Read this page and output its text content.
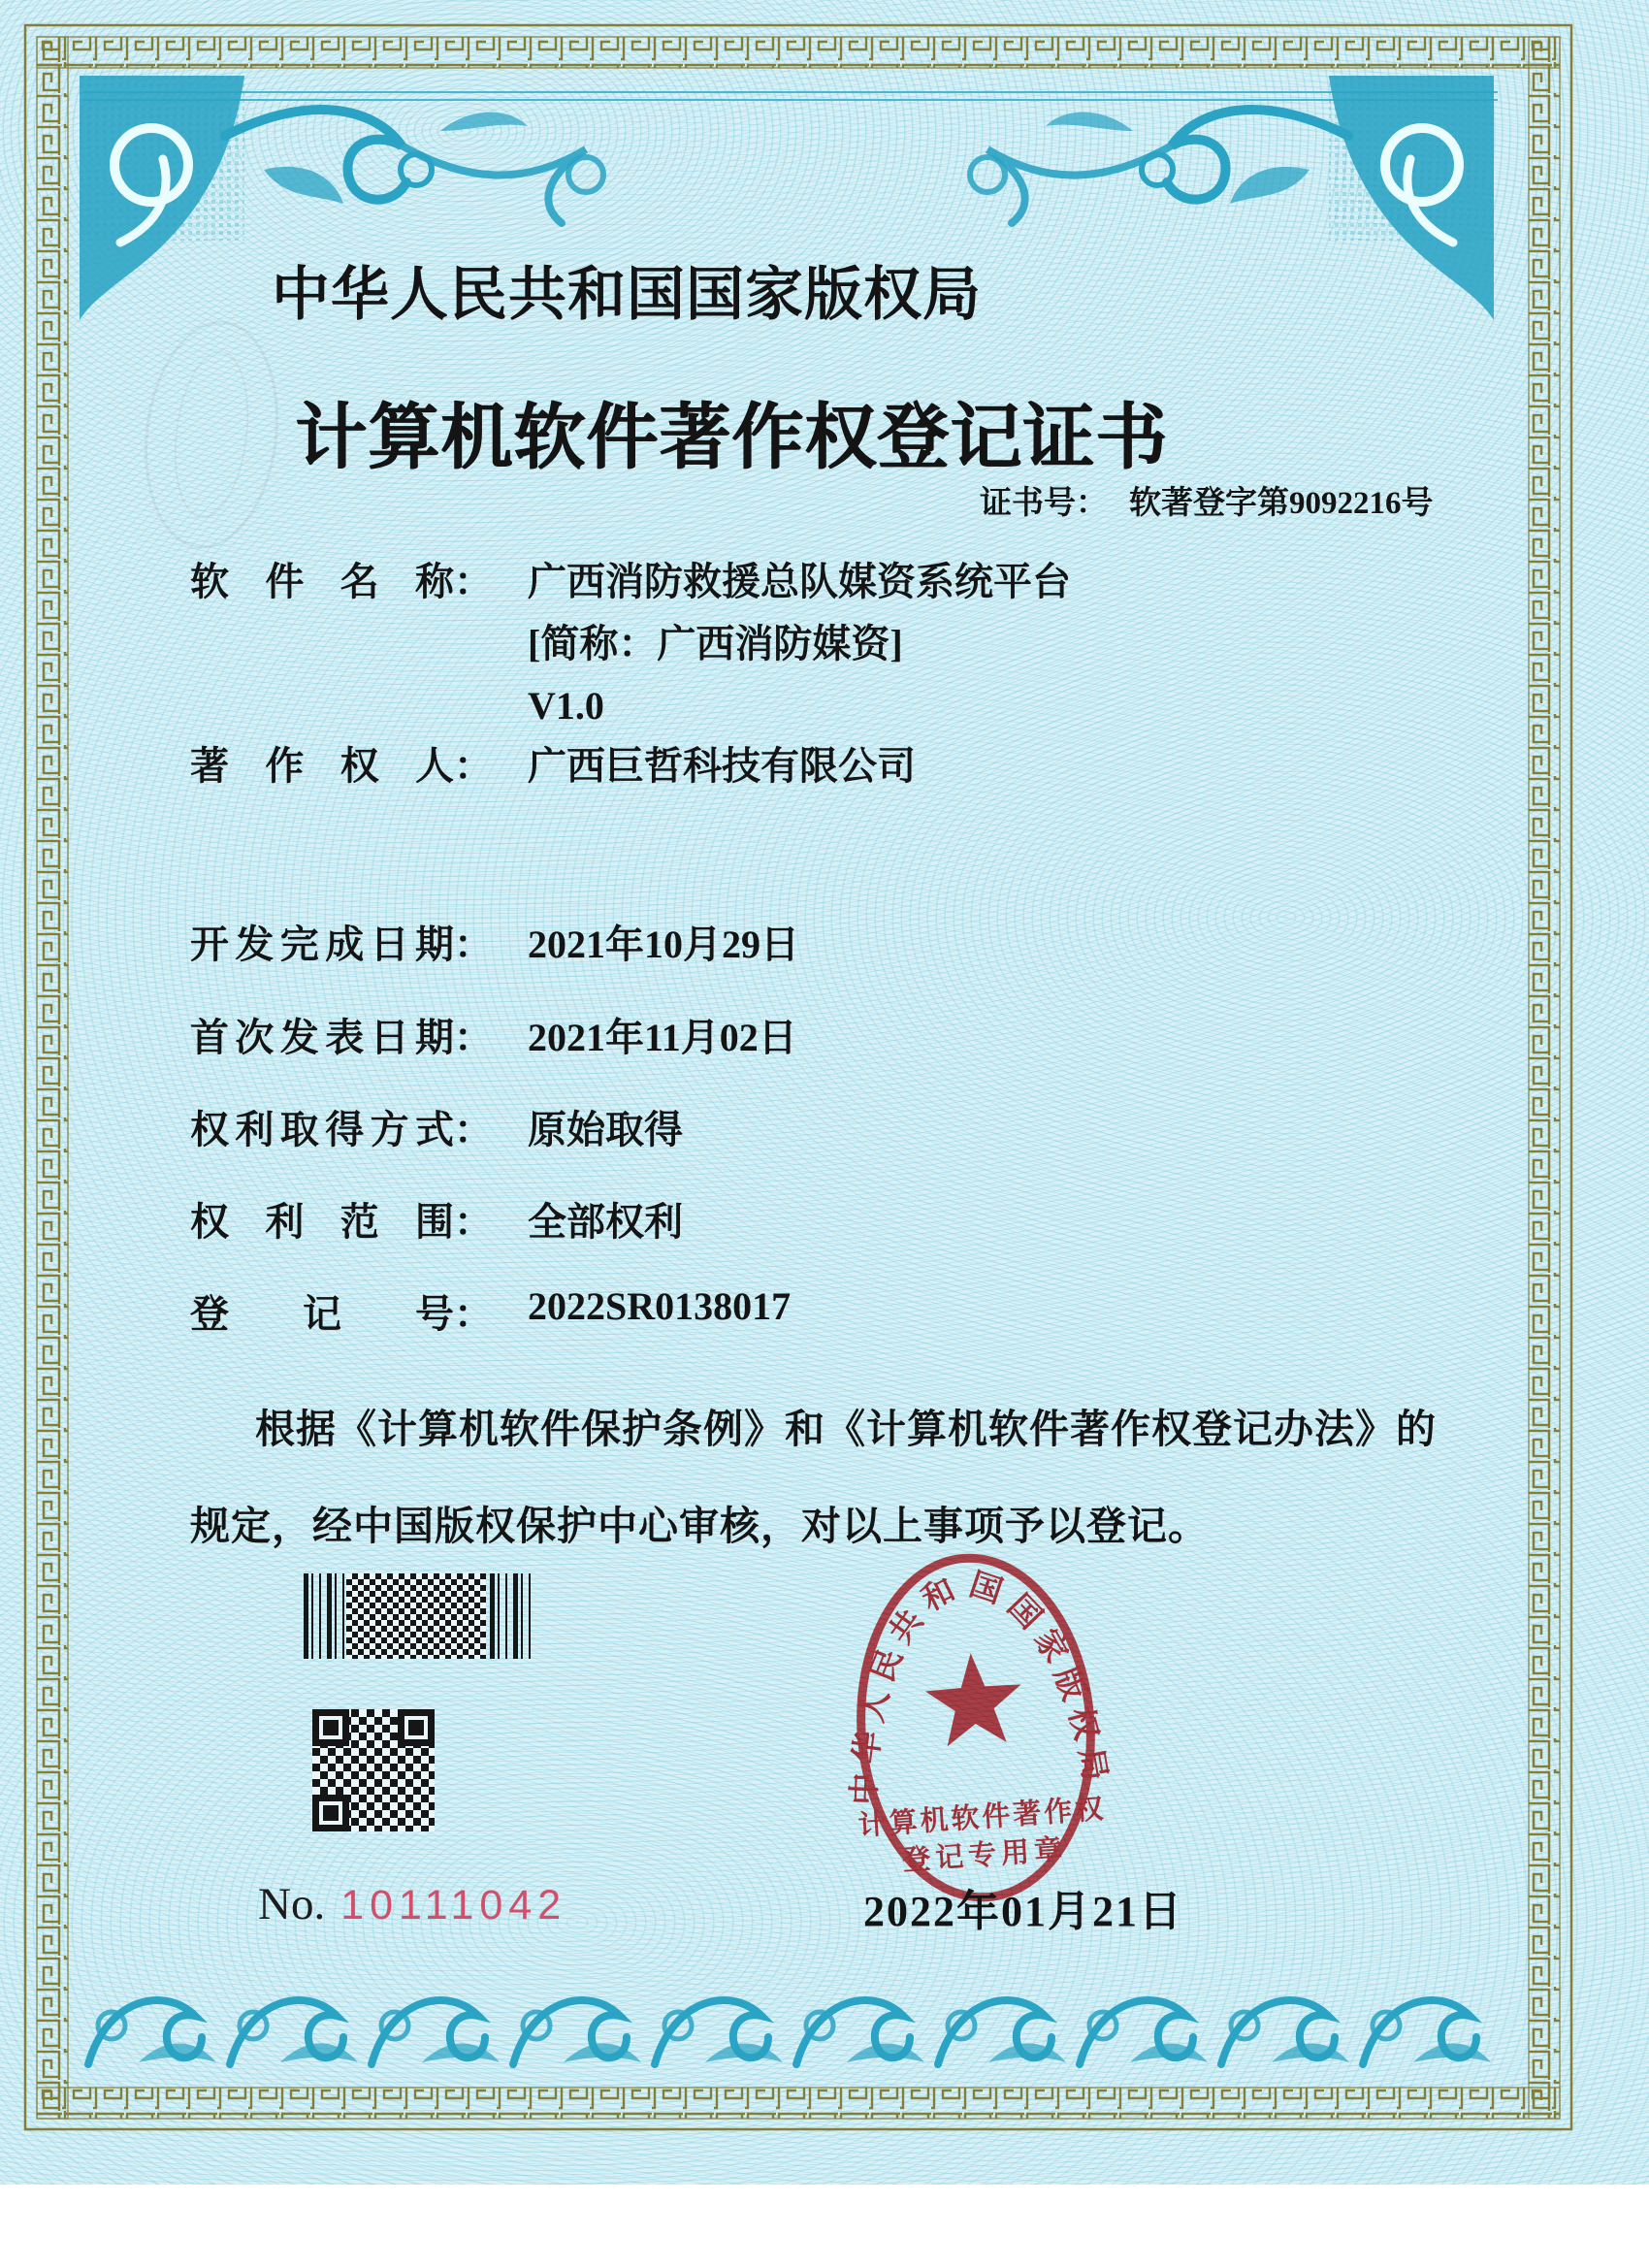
中华人民共和国国家版权局
计算机软件著作权登记证书
证书号： 软著登字第9092216号
软件名称： 广西消防救援总队媒资系统平台
[简称：广西消防媒资]
V1.0
著作权人： 广西巨哲科技有限公司
开发完成日期： 2021年10月29日
首次发表日期： 2021年11月02日
权利取得方式： 原始取得
权利范围： 全部权利
登记号： 2022SR0138017
根据《计算机软件保护条例》和《计算机软件著作权登记办法》的
规定，经中国版权保护中心审核，对以上事项予以登记。
No. 10111042
中华人民共和国国家版权局
计算机软件著作权
登记专用章
2022年01月21日
